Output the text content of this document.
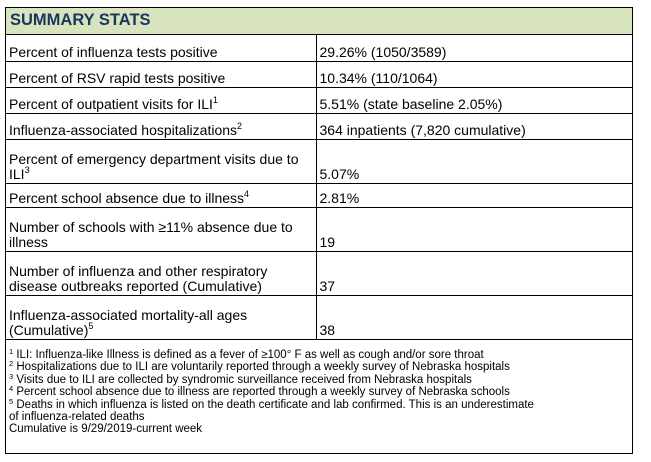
SUMMARY STATS
Percent of influenza tests positive	29.26% (1050/3589)
Percent of RSV rapid tests positive	10.34% (110/1064)
Percent of outpatient visits for ILI$^1$	5.51% (state baseline 2.05%)
Influenza-associated hospitalizations$^2$	364 inpatients (7,820 cumulative)
Percent of emergency department visits due to ILI$^3$	5.07%
Percent school absence due to illness$^4$	2.81%
Number of schools with ≥11% absence due to illness	19
Number of influenza and other respiratory disease outbreaks reported (Cumulative)	37
Influenza-associated mortality-all ages (Cumulative)$^5$	38
$^1$ ILI: Influenza-like Illness is defined as a fever of ≥100° F as well as cough and/or sore throat
$^2$ Hospitalizations due to ILI are voluntarily reported through a weekly survey of Nebraska hospitals
$^3$ Visits due to ILI are collected by syndromic surveillance received from Nebraska hospitals
$^4$ Percent school absence due to illness are reported through a weekly survey of Nebraska schools
$^5$ Deaths in which influenza is listed on the death certificate and lab confirmed. This is an underestimate
of influenza-related deaths
Cumulative is 9/29/2019-current week
